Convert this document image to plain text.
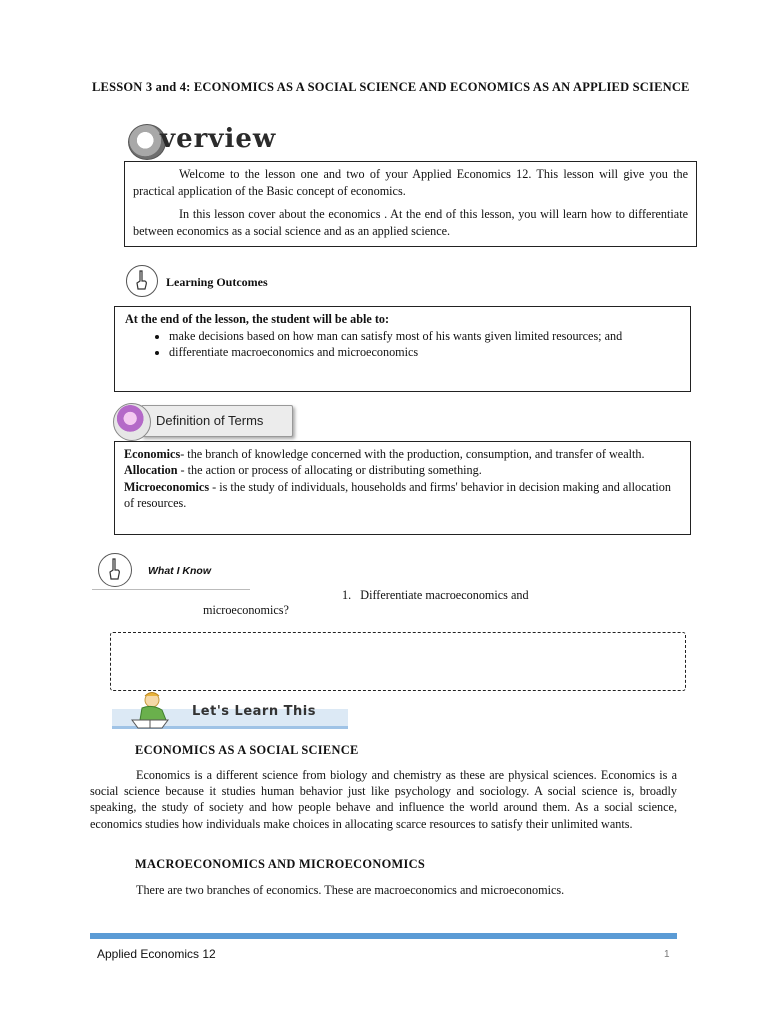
LESSON 3 and 4: ECONOMICS AS A SOCIAL SCIENCE AND ECONOMICS AS AN APPLIED SCIENCE
verview

Welcome to the lesson one and two of your Applied Economics 12. This lesson will give you the practical application of the Basic concept of economics.

In this lesson cover about the economics . At the end of this lesson, you will learn how to differentiate between economics as a social science and as an applied science.

Learning Outcomes
At the end of the lesson, the student will be able to:
• make decisions based on how man can satisfy most of his wants given limited resources; and
• differentiate macroeconomics and microeconomics
Definition of Terms
Economics- the branch of knowledge concerned with the production, consumption, and transfer of wealth.
Allocation - the action or process of allocating or distributing something.
Microeconomics - is the study of individuals, households and firms' behavior in decision making and allocation of resources.
What I Know
1.   Differentiate macroeconomics and
microeconomics?
Let's Learn This
ECONOMICS AS A SOCIAL SCIENCE

Economics is a different science from biology and chemistry as these are physical sciences. Economics is a social science because it studies human behavior just like psychology and sociology. A social science is, broadly speaking, the study of society and how people behave and influence the world around them. As a social science, economics studies how individuals make choices in allocating scarce resources to satisfy their unlimited wants.

MACROECONOMICS AND MICROECONOMICS

There are two branches of economics. These are macroeconomics and microeconomics.

Applied Economics 12	1
